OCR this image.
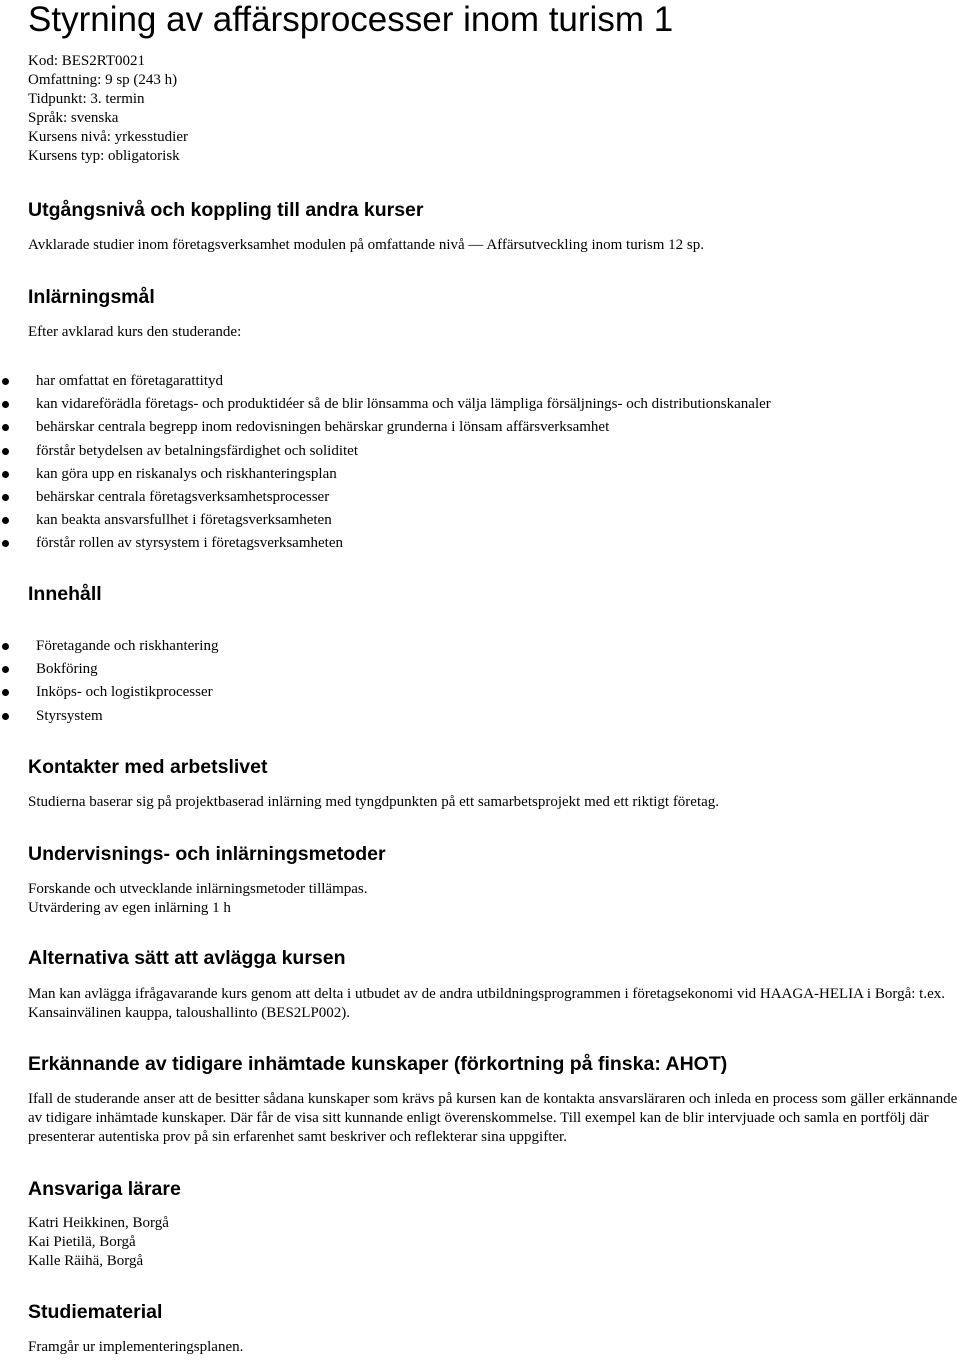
Styrning av affärsprocesser inom turism 1
Kod: BES2RT0021
Omfattning: 9 sp (243 h)
Tidpunkt: 3. termin
Språk: svenska
Kursens nivå: yrkesstudier
Kursens typ: obligatorisk
Utgångsnivå och koppling till andra kurser

Avklarade studier inom företagsverksamhet modulen på omfattande nivå — Affärsutveckling inom turism 12 sp.

Inlärningsmål

Efter avklarad kurs den studerande:

har omfattat en företagarattityd
kan vidareförädla företags- och produktidéer så de blir lönsamma och välja lämpliga försäljnings- och distributionskanaler
behärskar centrala begrepp inom redovisningen behärskar grunderna i lönsam affärsverksamhet
förstår betydelsen av betalningsfärdighet och soliditet
kan göra upp en riskanalys och riskhanteringsplan
behärskar centrala företagsverksamhetsprocesser
kan beakta ansvarsfullhet i företagsverksamheten
förstår rollen av styrsystem i företagsverksamheten
Innehåll
Företagande och riskhantering
Bokföring
Inköps- och logistikprocesser
Styrsystem
Kontakter med arbetslivet

Studierna baserar sig på projektbaserad inlärning med tyngdpunkten på ett samarbetsprojekt med ett riktigt företag.

Undervisnings- och inlärningsmetoder

Forskande och utvecklande inlärningsmetoder tillämpas.

Utvärdering av egen inlärning 1 h

Alternativa sätt att avlägga kursen

Man kan avlägga ifrågavarande kurs genom att delta i utbudet av de andra utbildningsprogrammen i företagsekonomi vid HAAGA-HELIA i Borgå: t.ex. Kansainvälinen kauppa, taloushallinto (BES2LP002).

Erkännande av tidigare inhämtade kunskaper (förkortning på finska: AHOT)

Ifall de studerande anser att de besitter sådana kunskaper som krävs på kursen kan de kontakta ansvarsläraren och inleda en process som gäller erkännande av tidigare inhämtade kunskaper. Där får de visa sitt kunnande enligt överenskommelse. Till exempel kan de blir intervjuade och samla en portfölj där presenterar autentiska prov på sin erfarenhet samt beskriver och reflekterar sina uppgifter.

Ansvariga lärare

Katri Heikkinen, Borgå

Kai Pietilä, Borgå

Kalle Räihä, Borgå

Studiematerial

Framgår ur implementeringsplanen.
